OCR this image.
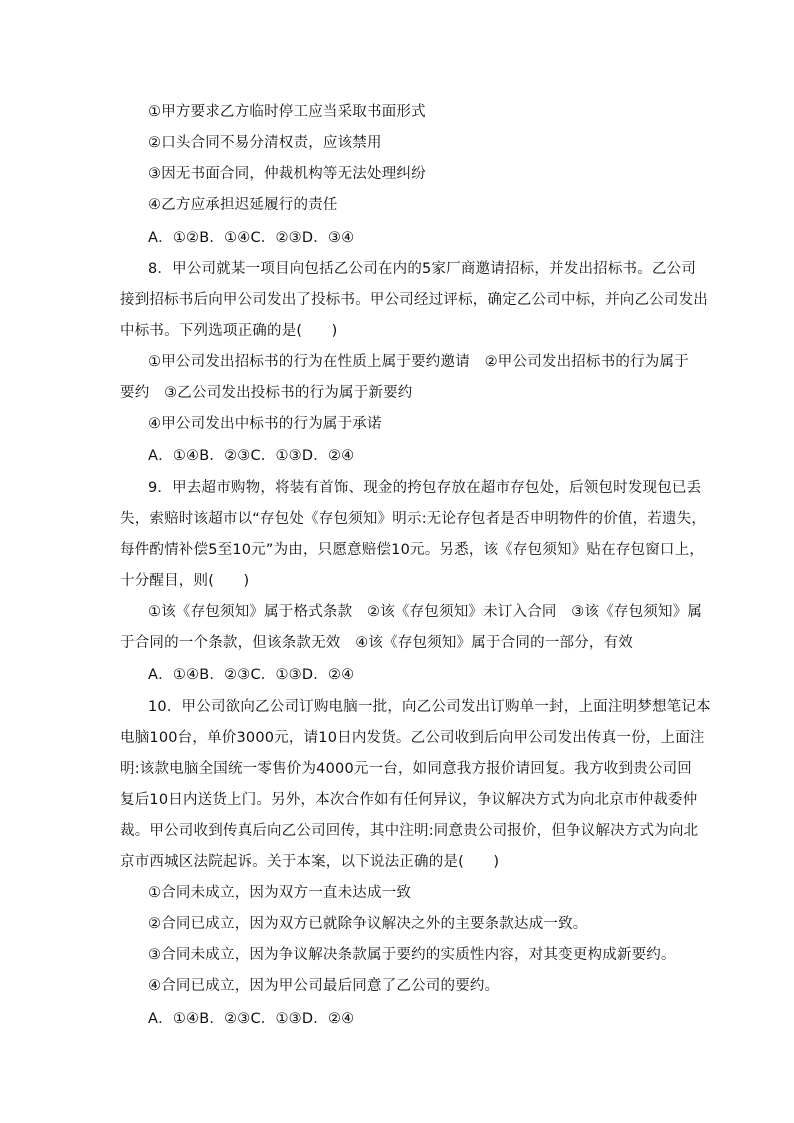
①甲方要求乙方临时停工应当采取书面形式
②口头合同不易分清权责，应该禁用
③因无书面合同，仲裁机构等无法处理纠纷
④乙方应承担迟延履行的责任
A．①②B．①④C．②③D．③④
8．甲公司就某一项目向包括乙公司在内的5家厂商邀请招标，并发出招标书。乙公司
接到招标书后向甲公司发出了投标书。甲公司经过评标，确定乙公司中标，并向乙公司发出
中标书。下列选项正确的是(　　)
①甲公司发出招标书的行为在性质上属于要约邀请　②甲公司发出招标书的行为属于
要约　③乙公司发出投标书的行为属于新要约
④甲公司发出中标书的行为属于承诺
A．①④B．②③C．①③D．②④
9．甲去超市购物，将装有首饰、现金的挎包存放在超市存包处，后领包时发现包已丢
失，索赔时该超市以“存包处《存包须知》明示:无论存包者是否申明物件的价值，若遗失，
每件酌情补偿5至10元”为由，只愿意赔偿10元。另悉，该《存包须知》贴在存包窗口上，
十分醒目，则(　　)
①该《存包须知》属于格式条款　②该《存包须知》未订入合同　③该《存包须知》属
于合同的一个条款，但该条款无效　④该《存包须知》属于合同的一部分，有效
A．①④B．②③C．①③D．②④
10．甲公司欲向乙公司订购电脑一批，向乙公司发出订购单一封，上面注明梦想笔记本
电脑100台，单价3000元，请10日内发货。乙公司收到后向甲公司发出传真一份，上面注
明:该款电脑全国统一零售价为4000元一台，如同意我方报价请回复。我方收到贵公司回
复后10日内送货上门。另外，本次合作如有任何异议，争议解决方式为向北京市仲裁委仲
裁。甲公司收到传真后向乙公司回传，其中注明:同意贵公司报价，但争议解决方式为向北
京市西城区法院起诉。关于本案，以下说法正确的是(　　)
①合同未成立，因为双方一直未达成一致
②合同已成立，因为双方已就除争议解决之外的主要条款达成一致。
③合同未成立，因为争议解决条款属于要约的实质性内容，对其变更构成新要约。
④合同已成立，因为甲公司最后同意了乙公司的要约。
A．①④B．②③C．①③D．②④
